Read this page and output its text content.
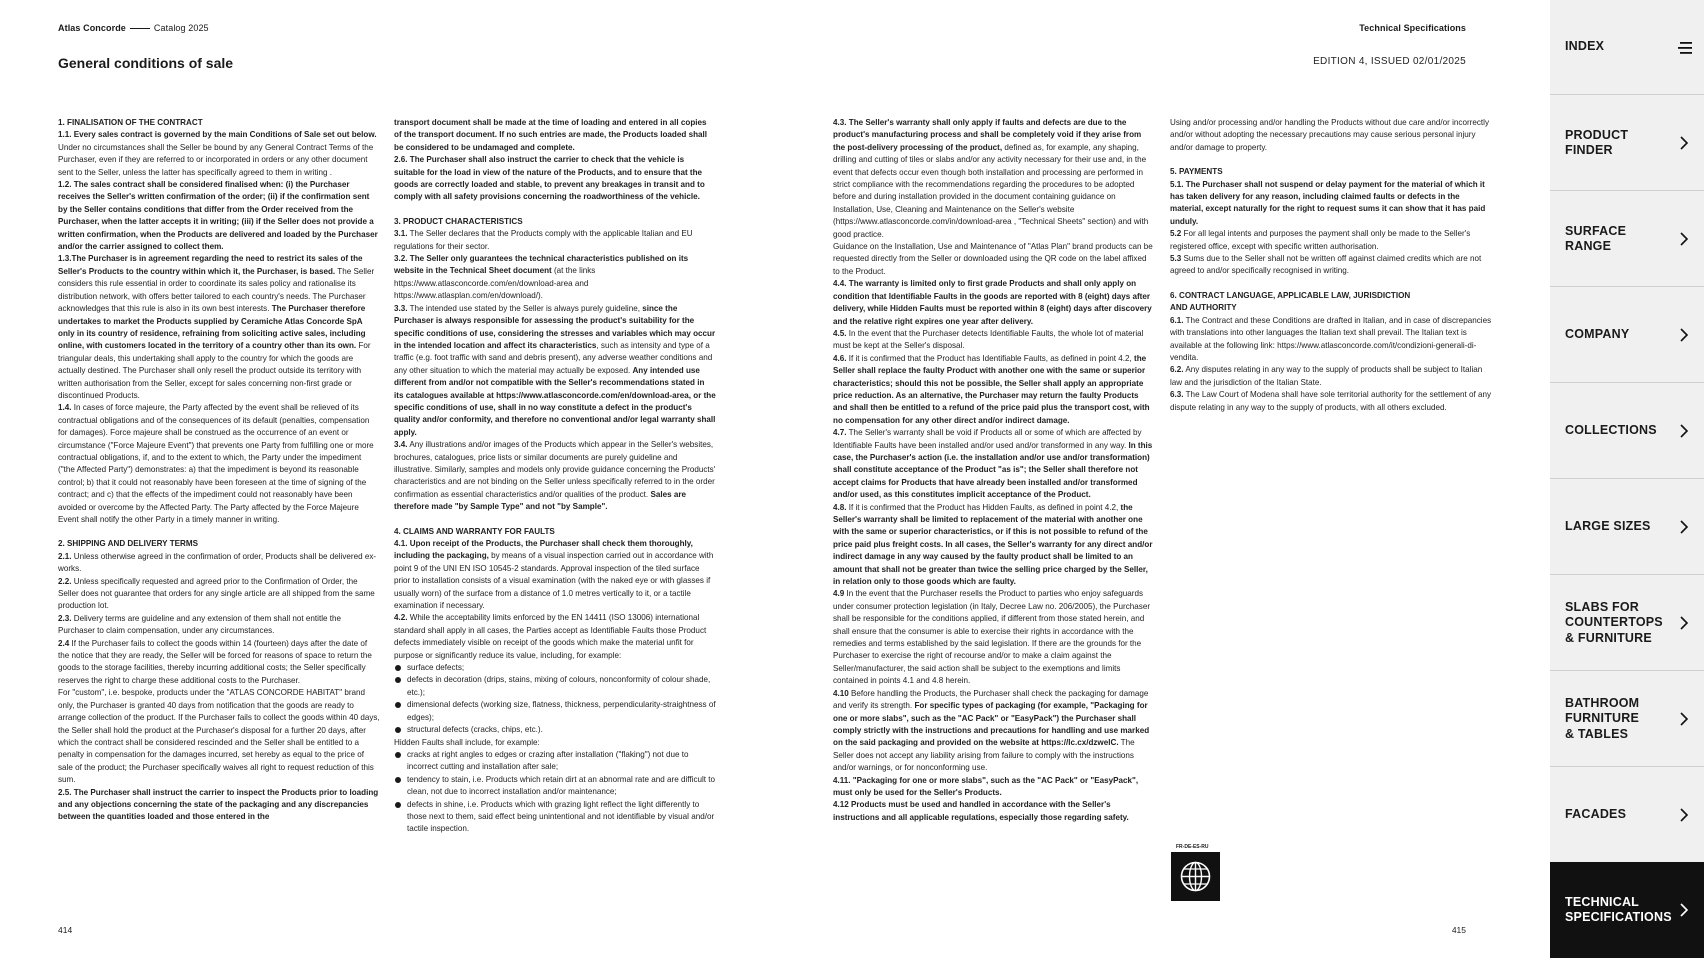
Atlas Concorde	Catalog 2025
General conditions of sale

1. FINALISATION OF THE CONTRACT

1.1. Every sales contract is governed by the main Conditions of Sale set out below. Under no circumstances shall the Seller be bound by any General Contract Terms of the Purchaser, even if they are referred to or incorporated in orders or any other document sent to the Seller, unless the latter has specifically agreed to them in writing .

1.2. The sales contract shall be considered finalised when: (i) the Purchaser receives the Seller's written confirmation of the order; (ii) if the confirmation sent by the Seller contains conditions that differ from the Order received from the Purchaser, when the latter accepts it in writing; (iii) if the Seller does not provide a written confirmation, when the Products are delivered and loaded by the Purchaser and/or the carrier assigned to collect them.

1.3.The Purchaser is in agreement regarding the need to restrict its sales of the Seller's Products to the country within which it, the Purchaser, is based. The Seller considers this rule essential in order to coordinate its sales policy and rationalise its distribution network, with offers better tailored to each country's needs. The Purchaser acknowledges that this rule is also in its own best interests. The Purchaser therefore undertakes to market the Products supplied by Ceramiche Atlas Concorde SpA only in its country of residence, refraining from soliciting active sales, including online, with customers located in the territory of a country other than its own. For triangular deals, this undertaking shall apply to the country for which the goods are actually destined. The Purchaser shall only resell the product outside its territory with written authorisation from the Seller, except for sales concerning non-first grade or discontinued Products.

1.4. In cases of force majeure, the Party affected by the event shall be relieved of its contractual obligations and of the consequences of its default (penalties, compensation for damages). Force majeure shall be construed as the occurrence of an event or circumstance ("Force Majeure Event") that prevents one Party from fulfilling one or more contractual obligations, if, and to the extent to which, the Party under the impediment ("the Affected Party") demonstrates: a) that the impediment is beyond its reasonable control; b) that it could not reasonably have been foreseen at the time of signing of the contract; and c) that the effects of the impediment could not reasonably have been avoided or overcome by the Affected Party. The Party affected by the Force Majeure Event shall notify the other Party in a timely manner in writing.

2. SHIPPING AND DELIVERY TERMS

2.1. Unless otherwise agreed in the confirmation of order, Products shall be delivered ex-works.

2.2. Unless specifically requested and agreed prior to the Confirmation of Order, the Seller does not guarantee that orders for any single article are all shipped from the same production lot.

2.3. Delivery terms are guideline and any extension of them shall not entitle the Purchaser to claim compensation, under any circumstances.

2.4 If the Purchaser fails to collect the goods within 14 (fourteen) days after the date of the notice that they are ready, the Seller will be forced for reasons of space to return the goods to the storage facilities, thereby incurring additional costs; the Seller specifically reserves the right to charge these additional costs to the Purchaser.

For "custom", i.e. bespoke, products under the "ATLAS CONCORDE HABITAT" brand only, the Purchaser is granted 40 days from notification that the goods are ready to arrange collection of the product. If the Purchaser fails to collect the goods within 40 days, the Seller shall hold the product at the Purchaser's disposal for a further 20 days, after which the contract shall be considered rescinded and the Seller shall be entitled to a penalty in compensation for the damages incurred, set hereby as equal to the price of sale of the product; the Purchaser specifically waives all right to request reduction of this sum.

2.5. The Purchaser shall instruct the carrier to inspect the Products prior to loading and any objections concerning the state of the packaging and any discrepancies between the quantities loaded and those entered in the

transport document shall be made at the time of loading and entered in all copies of the transport document. If no such entries are made, the Products loaded shall be considered to be undamaged and complete.

2.6. The Purchaser shall also instruct the carrier to check that the vehicle is suitable for the load in view of the nature of the Products, and to ensure that the goods are correctly loaded and stable, to prevent any breakages in transit and to comply with all safety provisions concerning the roadworthiness of the vehicle.

3. PRODUCT CHARACTERISTICS

3.1. The Seller declares that the Products comply with the applicable Italian and EU regulations for their sector.

3.2. The Seller only guarantees the technical characteristics published on its website in the Technical Sheet document (at the links https://www.atlasconcorde.com/en/download-area and https://www.atlasplan.com/en/download/).

3.3. The intended use stated by the Seller is always purely guideline, since the Purchaser is always responsible for assessing the product's suitability for the specific conditions of use, considering the stresses and variables which may occur in the intended location and affect its characteristics, such as intensity and type of a traffic (e.g. foot traffic with sand and debris present), any adverse weather conditions and any other situation to which the material may actually be exposed. Any intended use different from and/or not compatible with the Seller's recommendations stated in its catalogues available at https://www.atlasconcorde.com/en/download-area, or the specific conditions of use, shall in no way constitute a defect in the product's quality and/or conformity, and therefore no conventional and/or legal warranty shall apply.

3.4. Any illustrations and/or images of the Products which appear in the Seller's websites, brochures, catalogues, price lists or similar documents are purely guideline and illustrative. Similarly, samples and models only provide guidance concerning the Products' characteristics and are not binding on the Seller unless specifically referred to in the order confirmation as essential characteristics and/or qualities of the product. Sales are therefore made "by Sample Type" and not "by Sample".

4. CLAIMS AND WARRANTY FOR FAULTS

4.1. Upon receipt of the Products, the Purchaser shall check them thoroughly, including the packaging, by means of a visual inspection carried out in accordance with point 9 of the UNI EN ISO 10545-2 standards. Approval inspection of the tiled surface prior to installation consists of a visual examination (with the naked eye or with glasses if usually worn) of the surface from a distance of 1.0 metres vertically to it, or a tactile examination if necessary.

4.2. While the acceptability limits enforced by the EN 14411 (ISO 13006) international standard shall apply in all cases, the Parties accept as Identifiable Faults those Product defects immediately visible on receipt of the goods which make the material unfit for purpose or significantly reduce its value, including, for example:

surface defects;
defects in decoration (drips, stains, mixing of colours, nonconformity of colour shade, etc.);
dimensional defects (working size, flatness, thickness, perpendicularity-straightness of edges);
structural defects (cracks, chips, etc.).

Hidden Faults shall include, for example:

cracks at right angles to edges or crazing after installation ("flaking") not due to incorrect cutting and installation after sale;
tendency to stain, i.e. Products which retain dirt at an abnormal rate and are difficult to clean, not due to incorrect installation and/or maintenance;
defects in shine, i.e. Products which with grazing light reflect the light differently to those next to them, said effect being unintentional and not identifiable by visual and/or tactile inspection.
414
Technical Specifications
EDITION 4, ISSUED 02/01/2025

4.3. The Seller's warranty shall only apply if faults and defects are due to the product's manufacturing process and shall be completely void if they arise from the post-delivery processing of the product, defined as, for example, any shaping, drilling and cutting of tiles or slabs and/or any activity necessary for their use and, in the event that defects occur even though both installation and processing are performed in strict compliance with the recommendations regarding the procedures to be adopted before and during installation provided in the document containing guidance on Installation, Use, Cleaning and Maintenance on the Seller's website (https://www.atlasconcorde.com/in/download-area , "Technical Sheets" section) and with good practice.

Guidance on the Installation, Use and Maintenance of "Atlas Plan" brand products can be requested directly from the Seller or downloaded using the QR code on the label affixed to the Product.

4.4. The warranty is limited only to first grade Products and shall only apply on condition that Identifiable Faults in the goods are reported with 8 (eight) days after delivery, while Hidden Faults must be reported within 8 (eight) days after discovery and the relative right expires one year after delivery.

4.5. In the event that the Purchaser detects Identifiable Faults, the whole lot of material must be kept at the Seller's disposal.

4.6. If it is confirmed that the Product has Identifiable Faults, as defined in point 4.2, the Seller shall replace the faulty Product with another one with the same or superior characteristics; should this not be possible, the Seller shall apply an appropriate price reduction. As an alternative, the Purchaser may return the faulty Products and shall then be entitled to a refund of the price paid plus the transport cost, with no compensation for any other direct and/or indirect damage.

4.7. The Seller's warranty shall be void if Products all or some of which are affected by Identifiable Faults have been installed and/or used and/or transformed in any way. In this case, the Purchaser's action (i.e. the installation and/or use and/or transformation) shall constitute acceptance of the Product "as is"; the Seller shall therefore not accept claims for Products that have already been installed and/or transformed and/or used, as this constitutes implicit acceptance of the Product.

4.8. If it is confirmed that the Product has Hidden Faults, as defined in point 4.2, the Seller's warranty shall be limited to replacement of the material with another one with the same or superior characteristics, or if this is not possible to refund of the price paid plus freight costs. In all cases, the Seller's warranty for any direct and/or indirect damage in any way caused by the faulty product shall be limited to an amount that shall not be greater than twice the selling price charged by the Seller, in relation only to those goods which are faulty.

4.9 In the event that the Purchaser resells the Product to parties who enjoy safeguards under consumer protection legislation (in Italy, Decree Law no. 206/2005), the Purchaser shall be responsible for the conditions applied, if different from those stated herein, and shall ensure that the consumer is able to exercise their rights in accordance with the remedies and terms established by the said legislation. If there are the grounds for the Purchaser to exercise the right of recourse and/or to make a claim against the Seller/manufacturer, the said action shall be subject to the exemptions and limits contained in points 4.1 and 4.8 herein.

4.10 Before handling the Products, the Purchaser shall check the packaging for damage and verify its strength. For specific types of packaging (for example, "Packaging for one or more slabs", such as the "AC Pack" or "EasyPack") the Purchaser shall comply strictly with the instructions and precautions for handling and use marked on the said packaging and provided on the website at https://lc.cx/dzwelC. The Seller does not accept any liability arising from failure to comply with the instructions and/or warnings, or for nonconforming use.

4.11. "Packaging for one or more slabs", such as the "AC Pack" or "EasyPack", must only be used for the Seller's Products.

4.12 Products must be used and handled in accordance with the Seller's instructions and all applicable regulations, especially those regarding safety.

Using and/or processing and/or handling the Products without due care and/or incorrectly and/or without adopting the necessary precautions may cause serious personal injury and/or damage to property.

5. PAYMENTS

5.1. The Purchaser shall not suspend or delay payment for the material of which it has taken delivery for any reason, including claimed faults or defects in the material, except naturally for the right to request sums it can show that it has paid unduly.

5.2 For all legal intents and purposes the payment shall only be made to the Seller's registered office, except with specific written authorisation.

5.3 Sums due to the Seller shall not be written off against claimed credits which are not agreed to and/or specifically recognised in writing.

6. CONTRACT LANGUAGE, APPLICABLE LAW, JURISDICTION AND AUTHORITY

6.1. The Contract and these Conditions are drafted in Italian, and in case of discrepancies with translations into other languages the Italian text shall prevail. The Italian text is available at the following link: https://www.atlasconcorde.com/it/condizioni-generali-di-vendita.

6.2. Any disputes relating in any way to the supply of products shall be subject to Italian law and the jurisdiction of the Italian State.

6.3. The Law Court of Modena shall have sole territorial authority for the settlement of any dispute relating in any way to the supply of products, with all others excluded.

415
FR-DE-ES-RU
INDEX
PRODUCT
FINDER
SURFACE
RANGE
COMPANY
COLLECTIONS
LARGE SIZES
SLABS FOR
COUNTERTOPS
& FURNITURE
BATHROOM
FURNITURE
& TABLES
FACADES
TECHNICAL
SPECIFICATIONS
